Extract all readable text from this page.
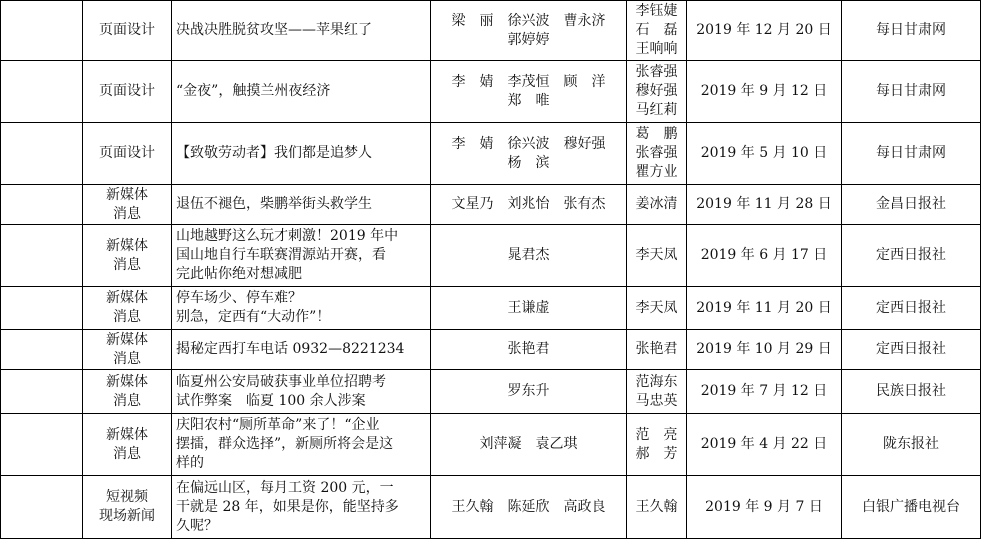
	页面设计	决战决胜脱贫攻坚——苹果红了	梁　丽　徐兴波　曹永济
郭婷婷	李钰婕
石　磊
王响响	2019 年 12 月 20 日	每日甘肃网

	页面设计	“金夜”，触摸兰州夜经济	李　婧　李茂恒　顾　洋
郑　唯	张睿强
穆好强
马红莉	2019 年 9 月 12 日	每日甘肃网

	页面设计	【致敬劳动者】我们都是追梦人	李　婧　徐兴波　穆好强
杨　滨	葛　鹏
张睿强
瞿方业	2019 年 5 月 10 日	每日甘肃网

	新媒体
消息	退伍不褪色，柴鹏举街头救学生	文星乃　刘兆怡　张有杰	姜冰清	2019 年 11 月 28 日	金昌日报社

	新媒体
消息	山地越野这么玩才刺激！2019 年中
国山地自行车联赛渭源站开赛，看
完此帖你绝对想减肥	晁君杰	李天凤	2019 年 6 月 17 日	定西日报社

	新媒体
消息	停车场少、停车难？
别急，定西有“大动作”！	王谦虚	李天凤	2019 年 11 月 20 日	定西日报社

	新媒体
消息	揭秘定西打车电话 0932—8221234	张艳君	张艳君	2019 年 10 月 29 日	定西日报社

	新媒体
消息	临夏州公安局破获事业单位招聘考
试作弊案　临夏 100 余人涉案	罗东升	范海东
马忠英	2019 年 7 月 12 日	民族日报社

	新媒体
消息	庆阳农村“厕所革命”来了！“企业
摆擂，群众选择”，新厕所将会是这
样的	刘萍凝　袁乙琪	范　亮
郝　芳	2019 年 4 月 22 日	陇东报社

	短视频
现场新闻	在偏远山区，每月工资 200 元，一
干就是 28 年，如果是你，能坚持多
久呢？	王久翰　陈延欣　高政良	王久翰	2019 年 9 月 7 日	白银广播电视台
